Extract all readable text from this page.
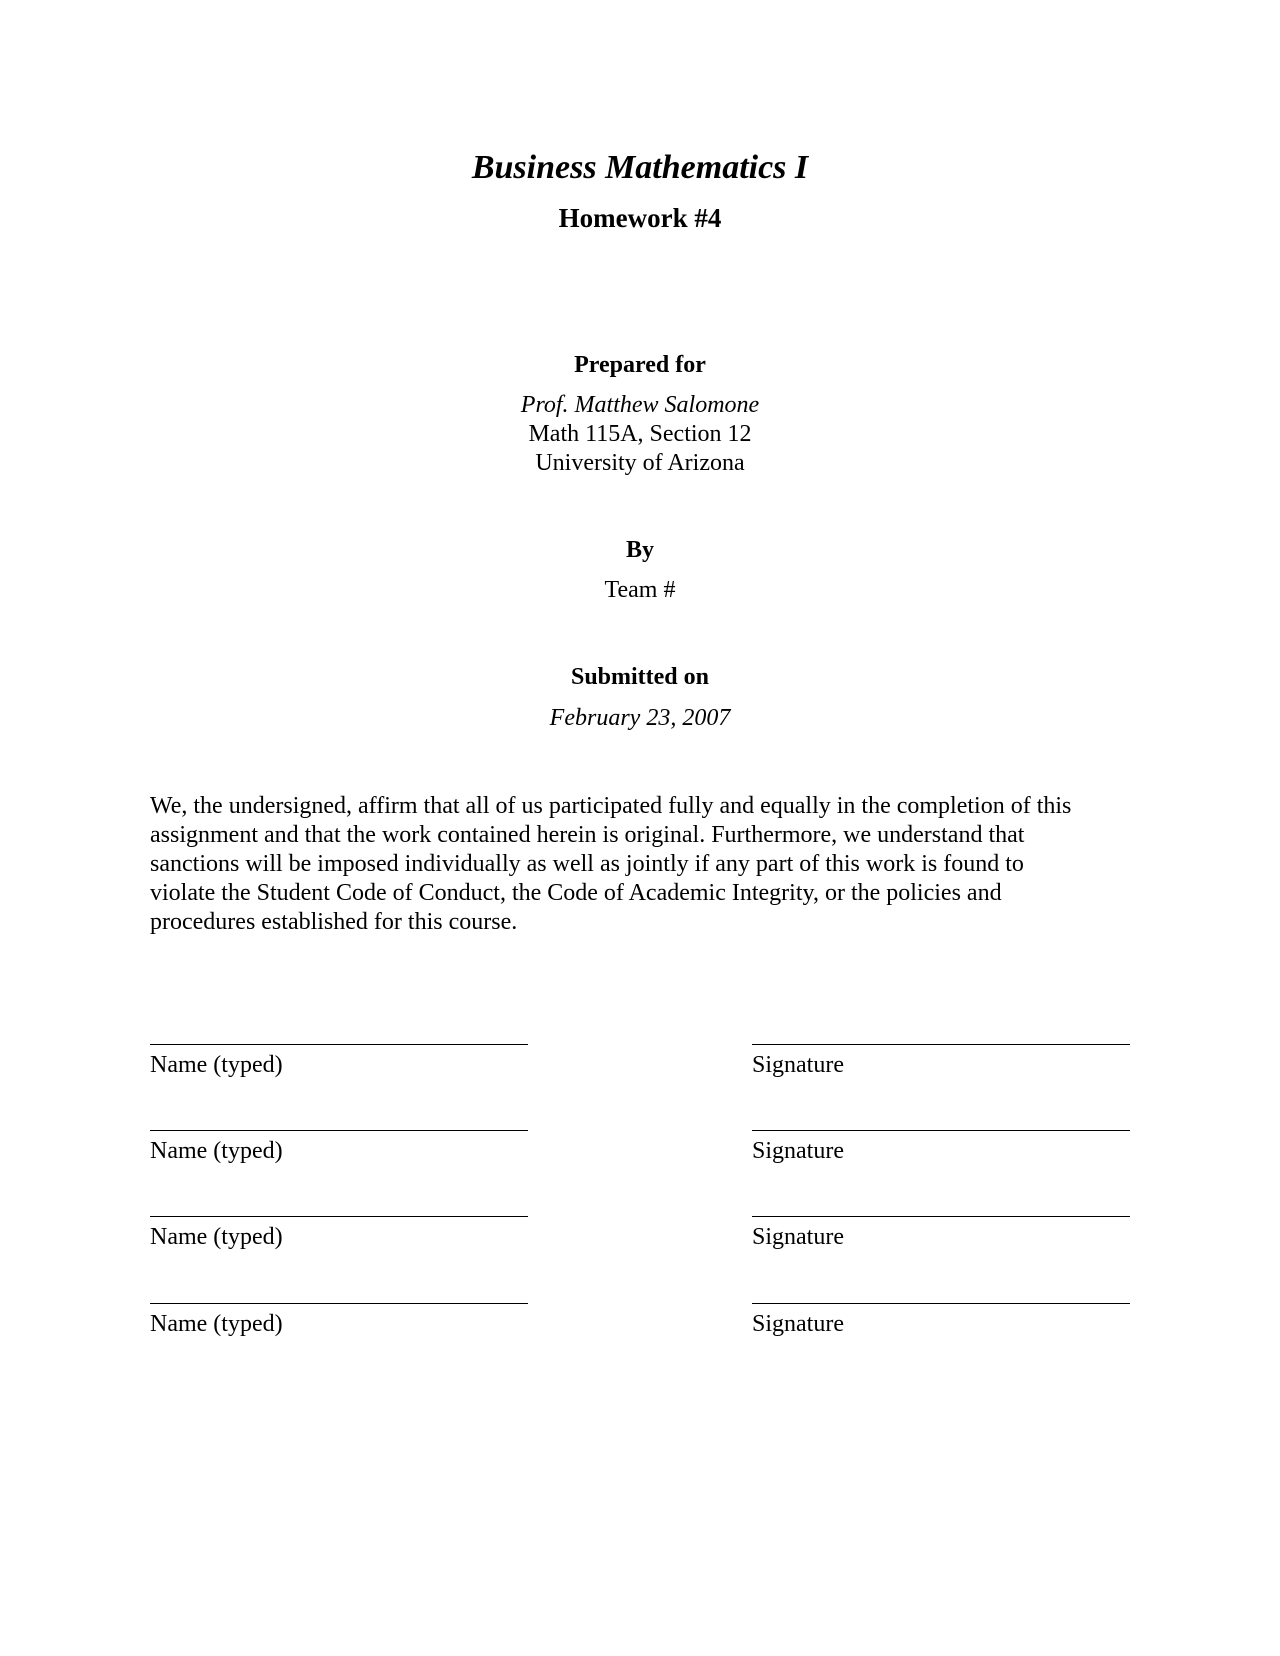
Business Mathematics I
Homework #4
Prepared for
Prof. Matthew Salomone
Math 115A, Section 12
University of Arizona
By
Team #
Submitted on
February 23, 2007

We, the undersigned, affirm that all of us participated fully and equally in the completion of this
assignment and that the work contained herein is original. Furthermore, we understand that
sanctions will be imposed individually as well as jointly if any part of this work is found to
violate the Student Code of Conduct, the Code of Academic Integrity, or the policies and
procedures established for this course.

Name (typed)	Signature
Name (typed)	Signature
Name (typed)	Signature
Name (typed)	Signature
